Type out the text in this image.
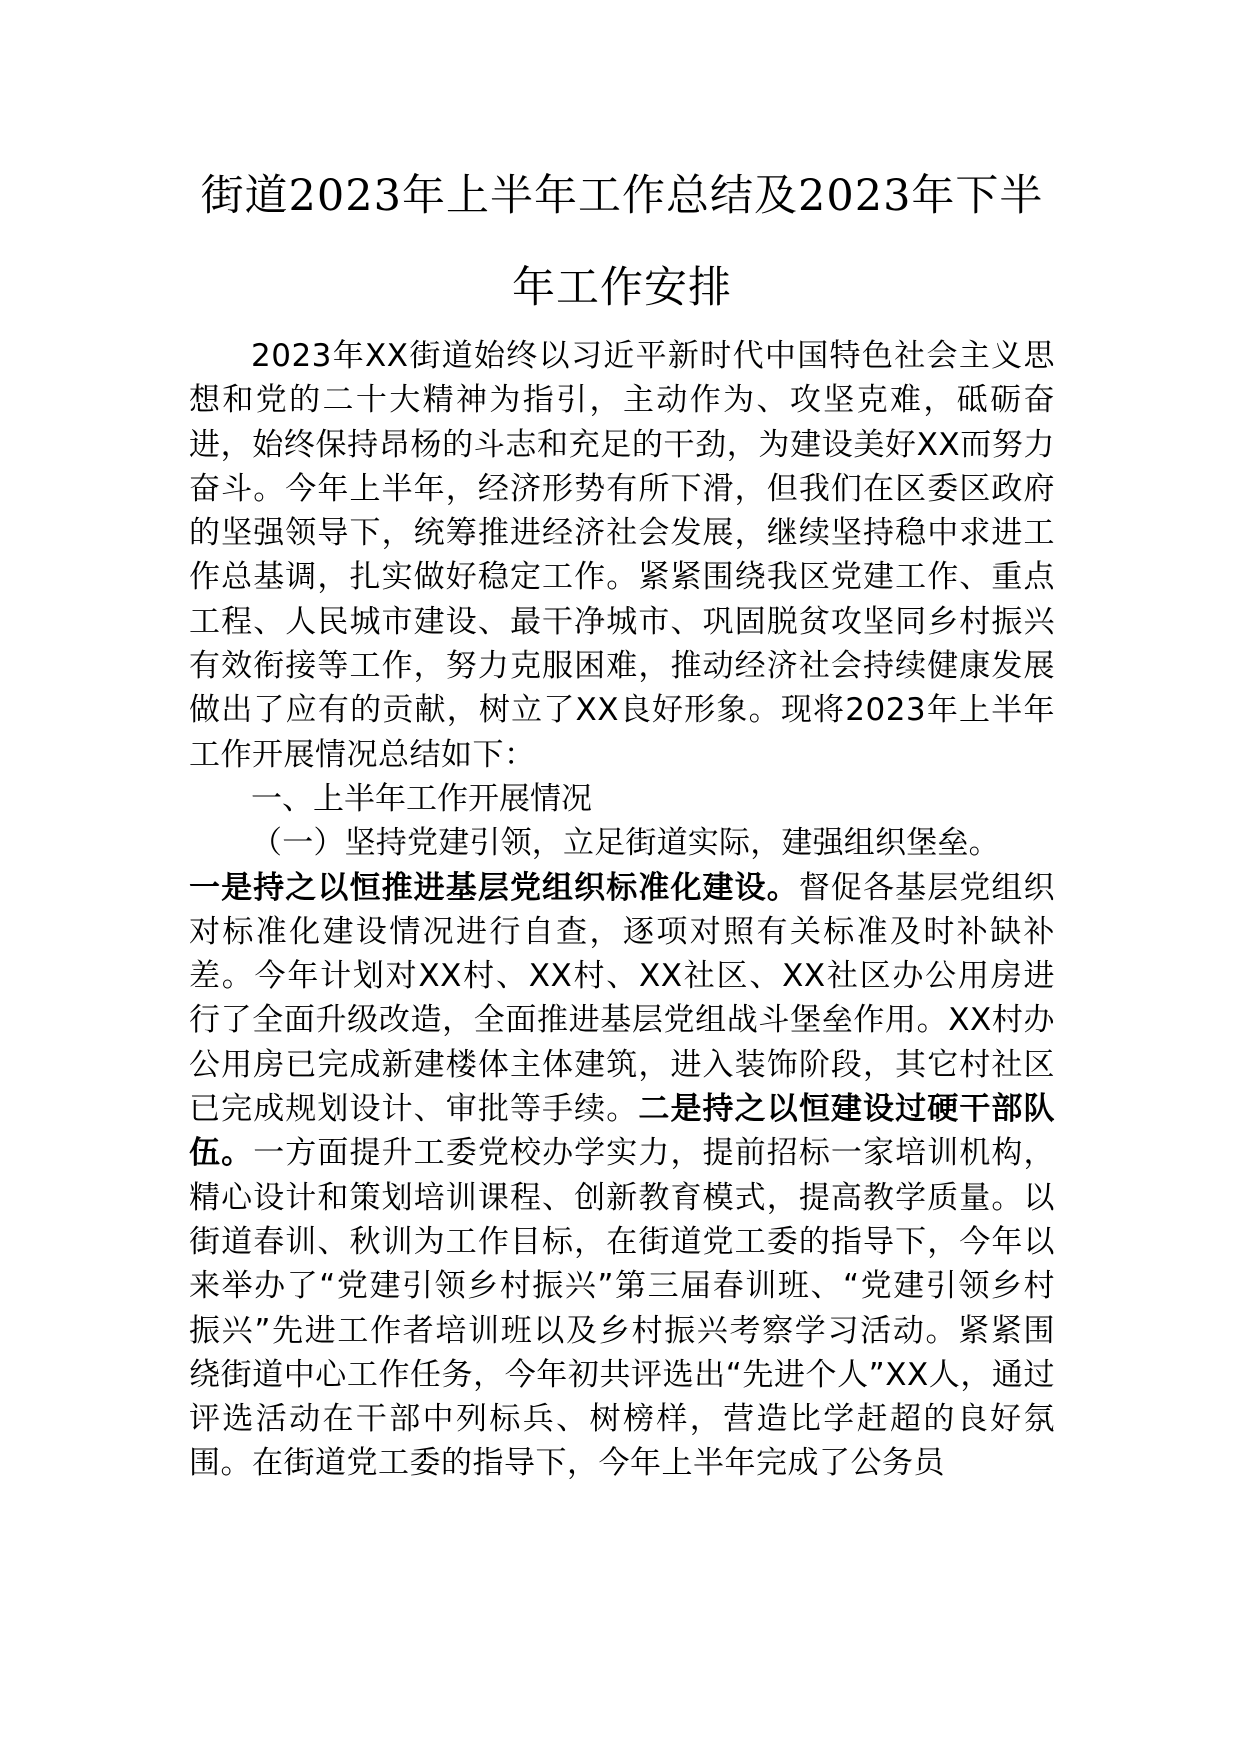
街道2023年上半年工作总结及2023年下半年工作安排

2023年XX街道始终以习近平新时代中国特色社会主义思想和党的二十大精神为指引，主动作为、攻坚克难，砥砺奋进，始终保持昂杨的斗志和充足的干劲，为建设美好XX而努力奋斗。今年上半年，经济形势有所下滑，但我们在区委区政府的坚强领导下，统筹推进经济社会发展，继续坚持稳中求进工作总基调，扎实做好稳定工作。紧紧围绕我区党建工作、重点工程、人民城市建设、最干净城市、巩固脱贫攻坚同乡村振兴有效衔接等工作，努力克服困难，推动经济社会持续健康发展做出了应有的贡献，树立了XX良好形象。现将2023年上半年工作开展情况总结如下：

一、上半年工作开展情况

（一）坚持党建引领，立足街道实际，建强组织堡垒。

一是持之以恒推进基层党组织标准化建设。督促各基层党组织对标准化建设情况进行自查，逐项对照有关标准及时补缺补差。今年计划对XX村、XX村、XX社区、XX社区办公用房进行了全面升级改造，全面推进基层党组战斗堡垒作用。XX村办公用房已完成新建楼体主体建筑，进入装饰阶段，其它村社区已完成规划设计、审批等手续。二是持之以恒建设过硬干部队伍。一方面提升工委党校办学实力，提前招标一家培训机构，精心设计和策划培训课程、创新教育模式，提高教学质量。以街道春训、秋训为工作目标，在街道党工委的指导下，今年以来举办了“党建引领乡村振兴”第三届春训班、“党建引领乡村振兴”先进工作者培训班以及乡村振兴考察学习活动。紧紧围绕街道中心工作任务，今年初共评选出“先进个人”XX人，通过评选活动在干部中列标兵、树榜样，营造比学赶超的良好氛围。在街道党工委的指导下，今年上半年完成了公务员
